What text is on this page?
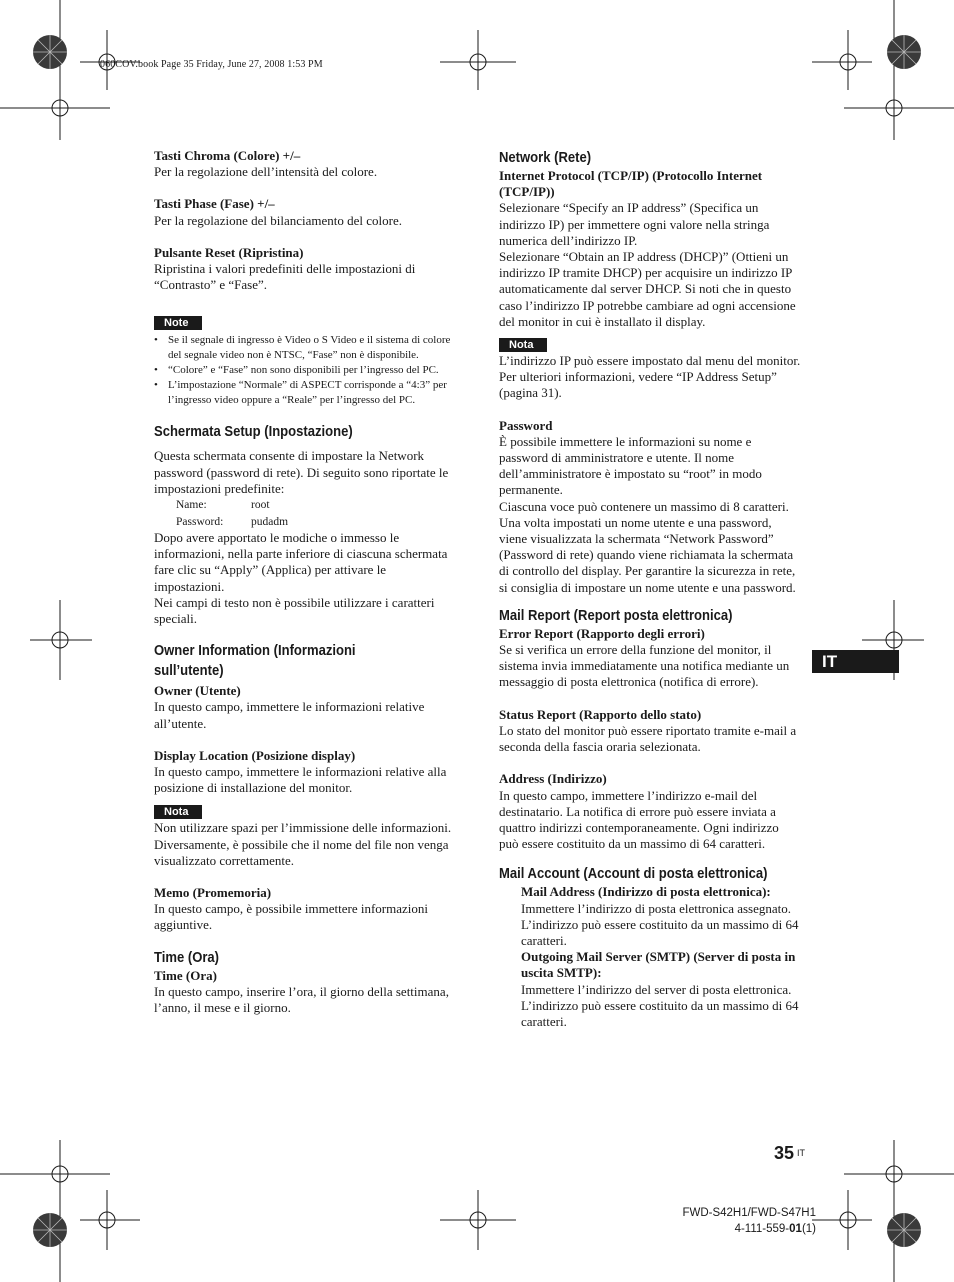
060COV.book Page 35 Friday, June 27, 2008 1:53 PM
Tasti Chroma (Colore) +/–
Per la regolazione dell’intensità del colore.
Tasti Phase (Fase) +/–
Per la regolazione del bilanciamento del colore.
Pulsante Reset (Ripristina)
Ripristina i valori predefiniti delle impostazioni di “Contrasto” e “Fase”.
Note
• Se il segnale di ingresso è Video o S Video e il sistema di colore del segnale video non è NTSC, “Fase” non è disponibile.
• “Colore” e “Fase” non sono disponibili per l’ingresso del PC.
• L’impostazione “Normale” di ASPECT corrisponde a “4:3” per l’ingresso video oppure a “Reale” per l’ingresso del PC.
Schermata Setup (Inpostazione)
Questa schermata consente di impostare la Network password (password di rete). Di seguito sono riportate le impostazioni predefinite:
Name:	root
Password: pudadm
Dopo avere apportato le modiche o immesso le informazioni, nella parte inferiore di ciascuna schermata fare clic su “Apply” (Applica) per attivare le impostazioni.
Nei campi di testo non è possibile utilizzare i caratteri speciali.
Owner Information (Informazioni sull’utente)
Owner (Utente)
In questo campo, immettere le informazioni relative all’utente.
Display Location (Posizione display)
In questo campo, immettere le informazioni relative alla posizione di installazione del monitor.
Nota
Non utilizzare spazi per l’immissione delle informazioni. Diversamente, è possibile che il nome del file non venga visualizzato correttamente.
Memo (Promemoria)
In questo campo, è possibile immettere informazioni aggiuntive.
Time (Ora)
Time (Ora)
In questo campo, inserire l’ora, il giorno della settimana, l’anno, il mese e il giorno.
Network (Rete)
Internet Protocol (TCP/IP) (Protocollo Internet (TCP/IP))
Selezionare “Specify an IP address” (Specifica un indirizzo IP) per immettere ogni valore nella stringa numerica dell’indirizzo IP.
Selezionare “Obtain an IP address (DHCP)” (Ottieni un indirizzo IP tramite DHCP) per acquisire un indirizzo IP automaticamente dal server DHCP. Si noti che in questo caso l’indirizzo IP potrebbe cambiare ad ogni accensione del monitor in cui è installato il display.
Nota
L’indirizzo IP può essere impostato dal menu del monitor. Per ulteriori informazioni, vedere “IP Address Setup” (pagina 31).
Password
È possibile immettere le informazioni su nome e password di amministratore e utente. Il nome dell’amministratore è impostato su “root” in modo permanente.
Ciascuna voce può contenere un massimo di 8 caratteri.
Una volta impostati un nome utente e una password, viene visualizzata la schermata “Network Password” (Password di rete) quando viene richiamata la schermata di controllo del display. Per garantire la sicurezza in rete, si consiglia di impostare un nome utente e una password.
Mail Report (Report posta elettronica)
Error Report (Rapporto degli errori)
Se si verifica un errore della funzione del monitor, il sistema invia immediatamente una notifica mediante un messaggio di posta elettronica (notifica di errore).
Status Report (Rapporto dello stato)
Lo stato del monitor può essere riportato tramite e-mail a seconda della fascia oraria selezionata.
Address (Indirizzo)
In questo campo, immettere l’indirizzo e-mail del destinatario. La notifica di errore può essere inviata a quattro indirizzi contemporaneamente. Ogni indirizzo può essere costituito da un massimo di 64 caratteri.
Mail Account (Account di posta elettronica)
Mail Address (Indirizzo di posta elettronica):
Immettere l’indirizzo di posta elettronica assegnato.
L’indirizzo può essere costituito da un massimo di 64 caratteri.
Outgoing Mail Server (SMTP) (Server di posta in uscita SMTP):
Immettere l’indirizzo del server di posta elettronica.
L’indirizzo può essere costituito da un massimo di 64 caratteri.
IT
35 $^{IT}$
FWD-S42H1/FWD-S47H1
4-111-559-01(1)
